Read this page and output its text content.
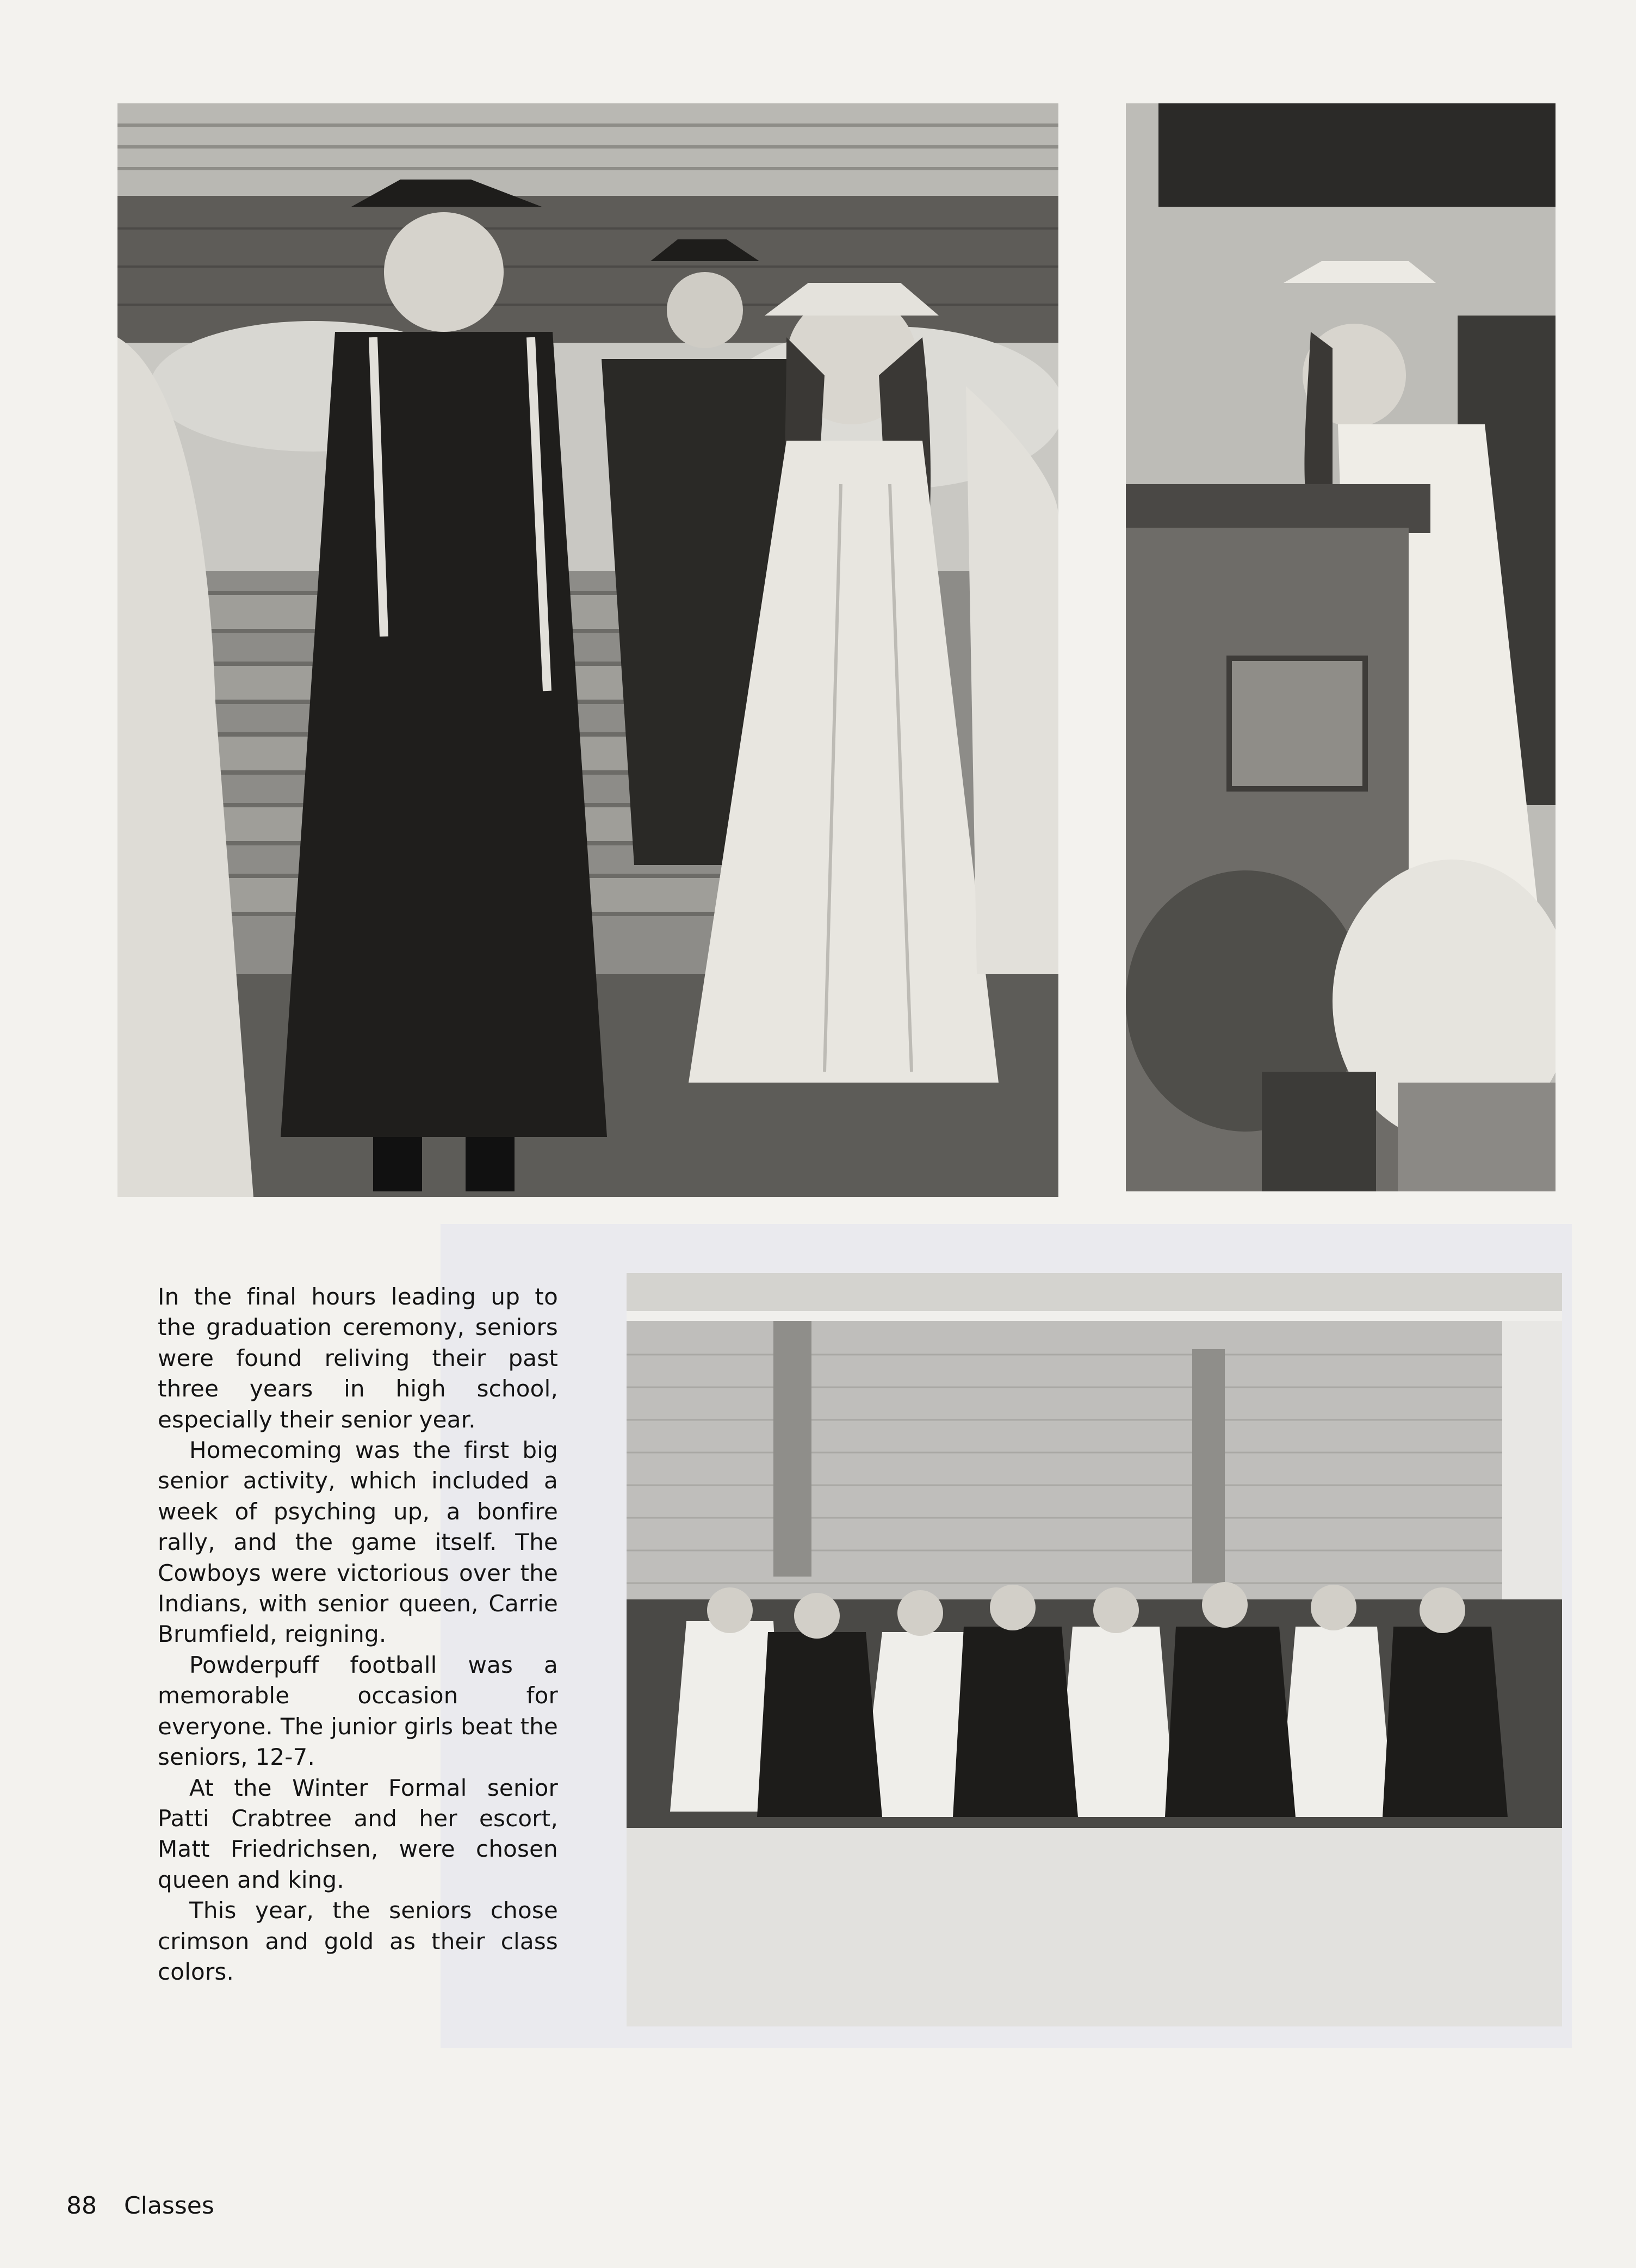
In the final hours leading up to the graduation ceremony, seniors were found reliving their past three years in high school, especially their senior year.

Homecoming was the first big senior activity, which included a week of psyching up, a bonfire rally, and the game itself. The Cowboys were victorious over the Indians, with senior queen, Carrie Brumfield, reigning.

Powderpuff football was a memorable occasion for everyone. The junior girls beat the seniors, 12-7.

At the Winter Formal senior Patti Crabtree and her escort, Matt Friedrichsen, were chosen queen and king.

This year, the seniors chose crimson and gold as their class colors.

88 Classes
